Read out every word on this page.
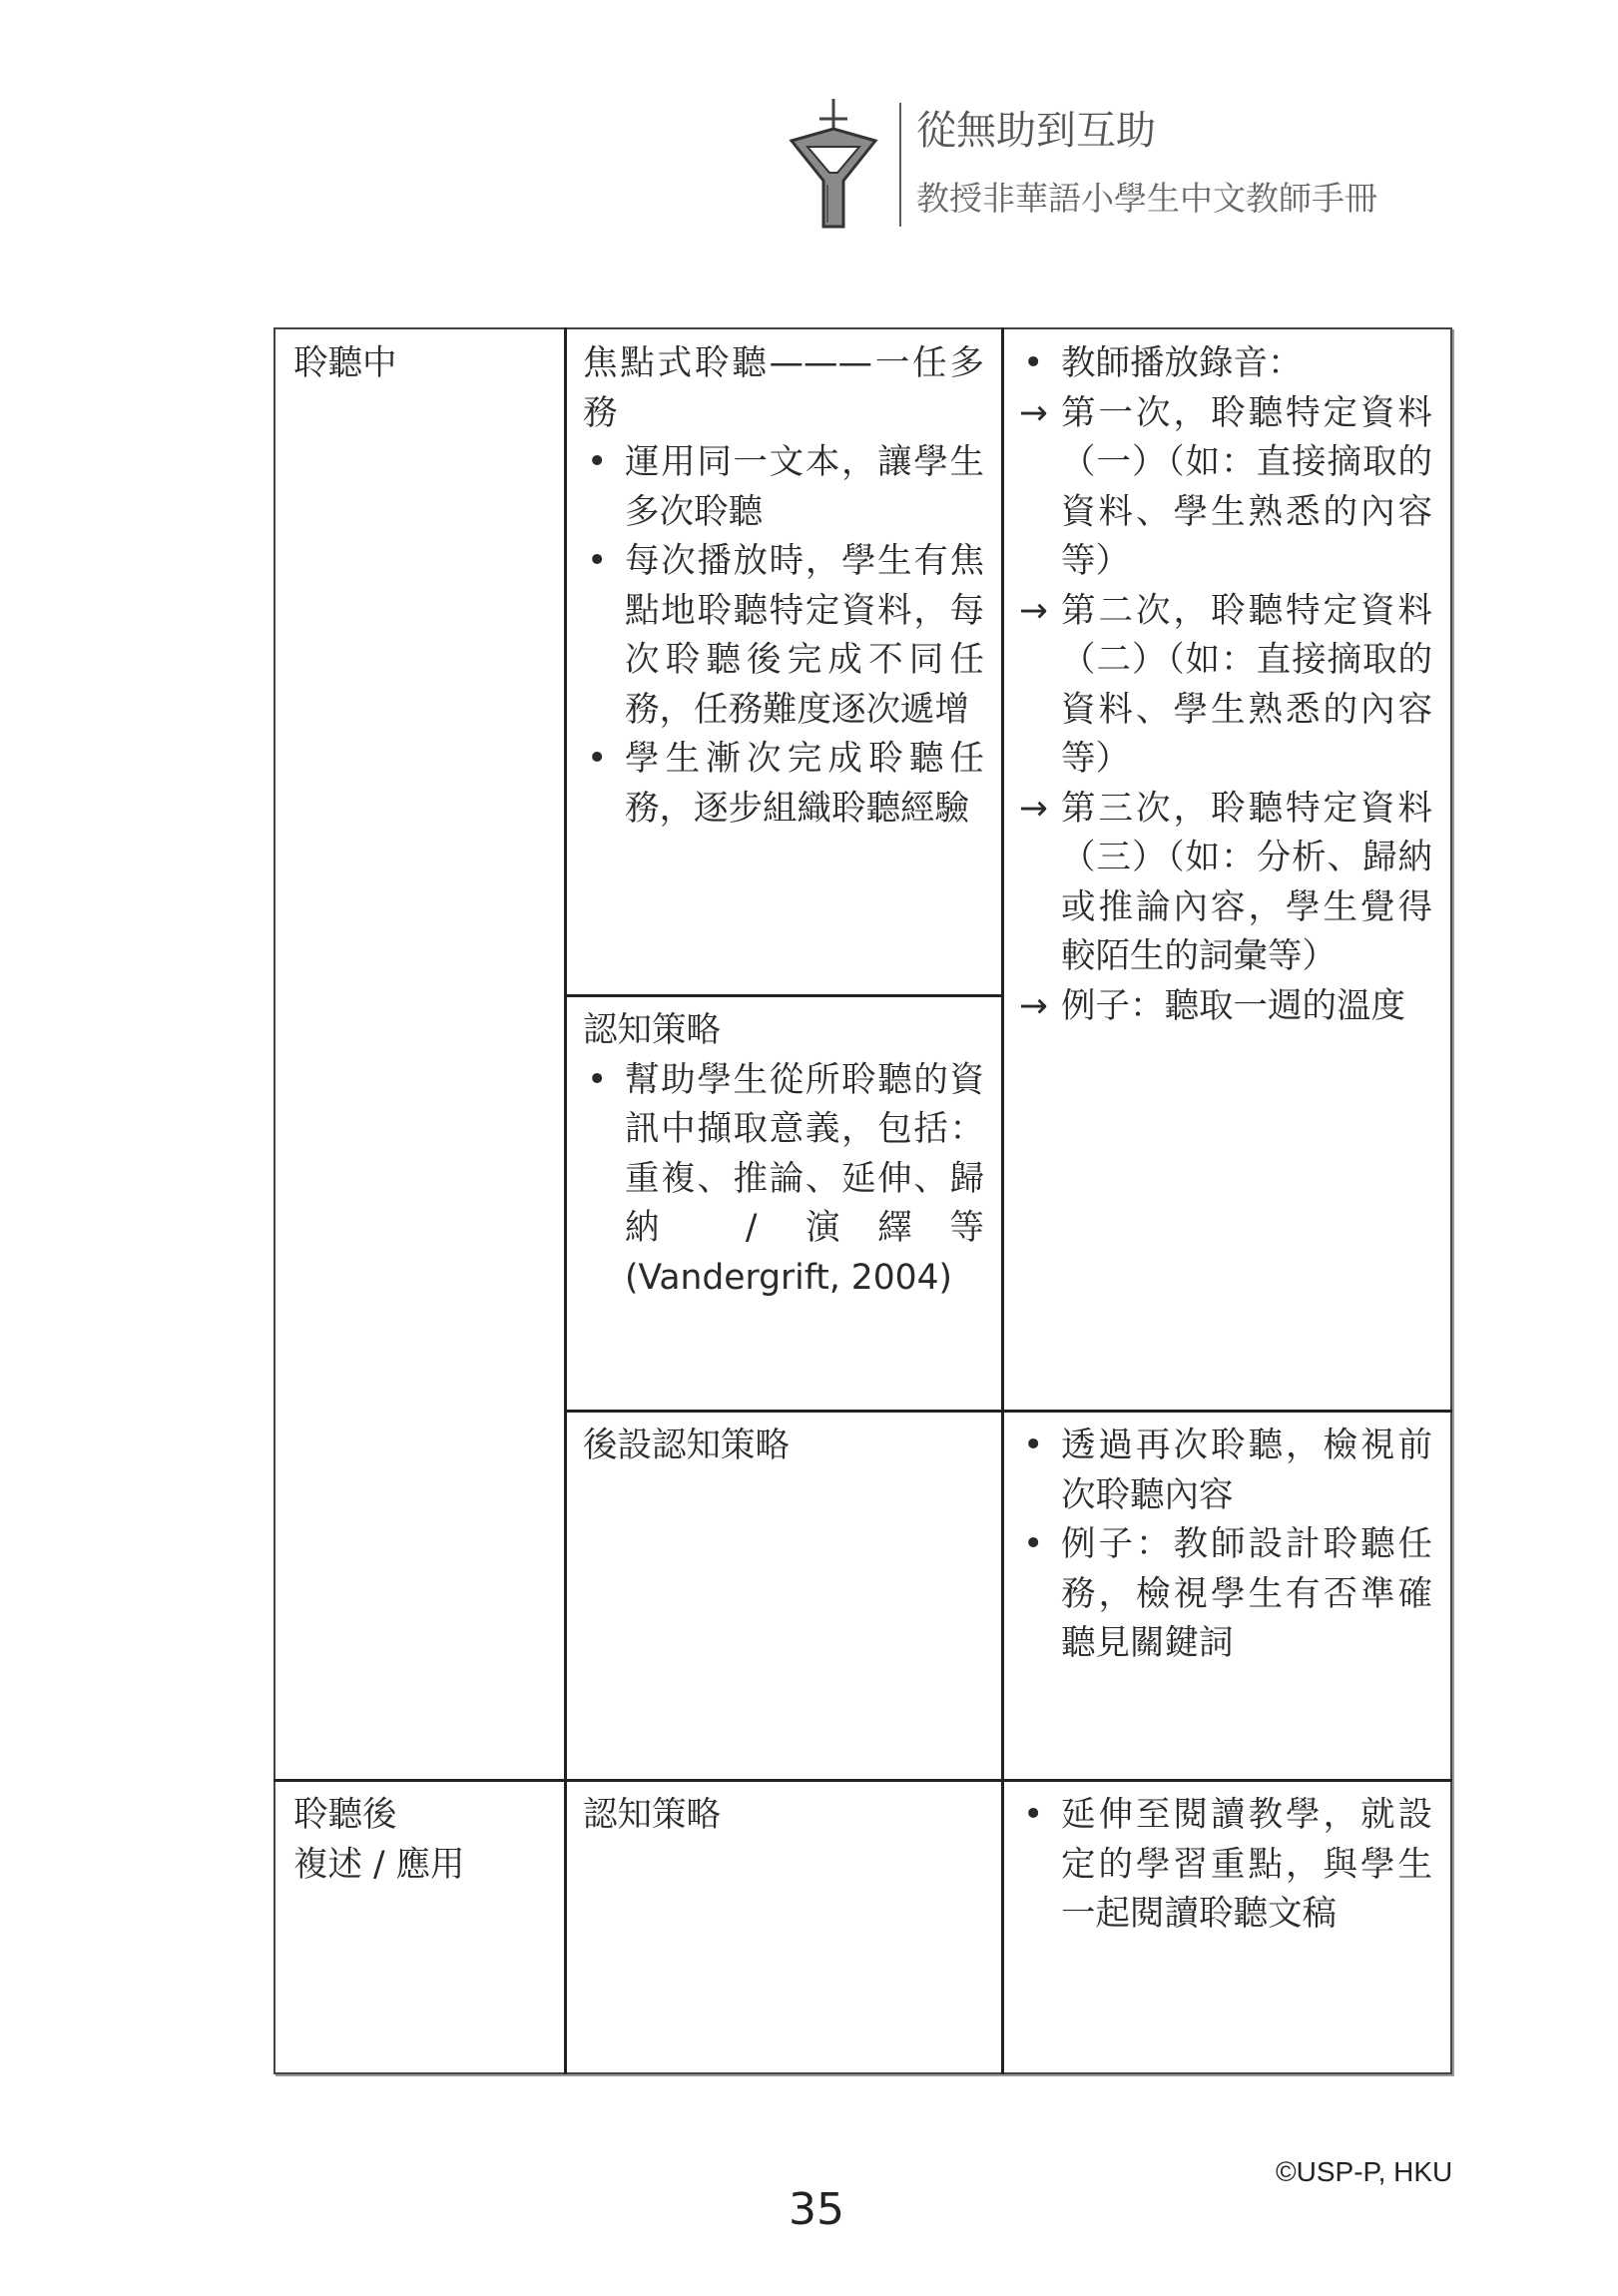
從無助到互助
教授非華語小學生中文教師手冊

聆聽中

聆聽後

複述 / 應用

焦點式聆聽———一任多務

• 運用同一文本，讓學生多次聆聽
• 每次播放時，學生有焦點地聆聽特定資料，每次聆聽後完成不同任務，任務難度逐次遞增
• 學生漸次完成聆聽任務，逐步組織聆聽經驗

認知策略

• 幫助學生從所聆聽的資訊中擷取意義，包括：重複、推論、延伸、歸納 / 演繹等(Vandergrift, 2004)

後設認知策略

認知策略

• 教師播放錄音：

→ 第一次，聆聽特定資料（一）（如：直接摘取的資料、學生熟悉的內容等）

→ 第二次，聆聽特定資料（二）（如：直接摘取的資料、學生熟悉的內容等）

→ 第三次，聆聽特定資料（三）（如：分析、歸納或推論內容，學生覺得較陌生的詞彙等）

→ 例子：聽取一週的溫度

• 透過再次聆聽，檢視前次聆聽內容
• 例子：教師設計聆聽任務，檢視學生有否準確聽見關鍵詞
• 延伸至閱讀教學，就設定的學習重點，與學生一起閱讀聆聽文稿
©USP-P, HKU
35
